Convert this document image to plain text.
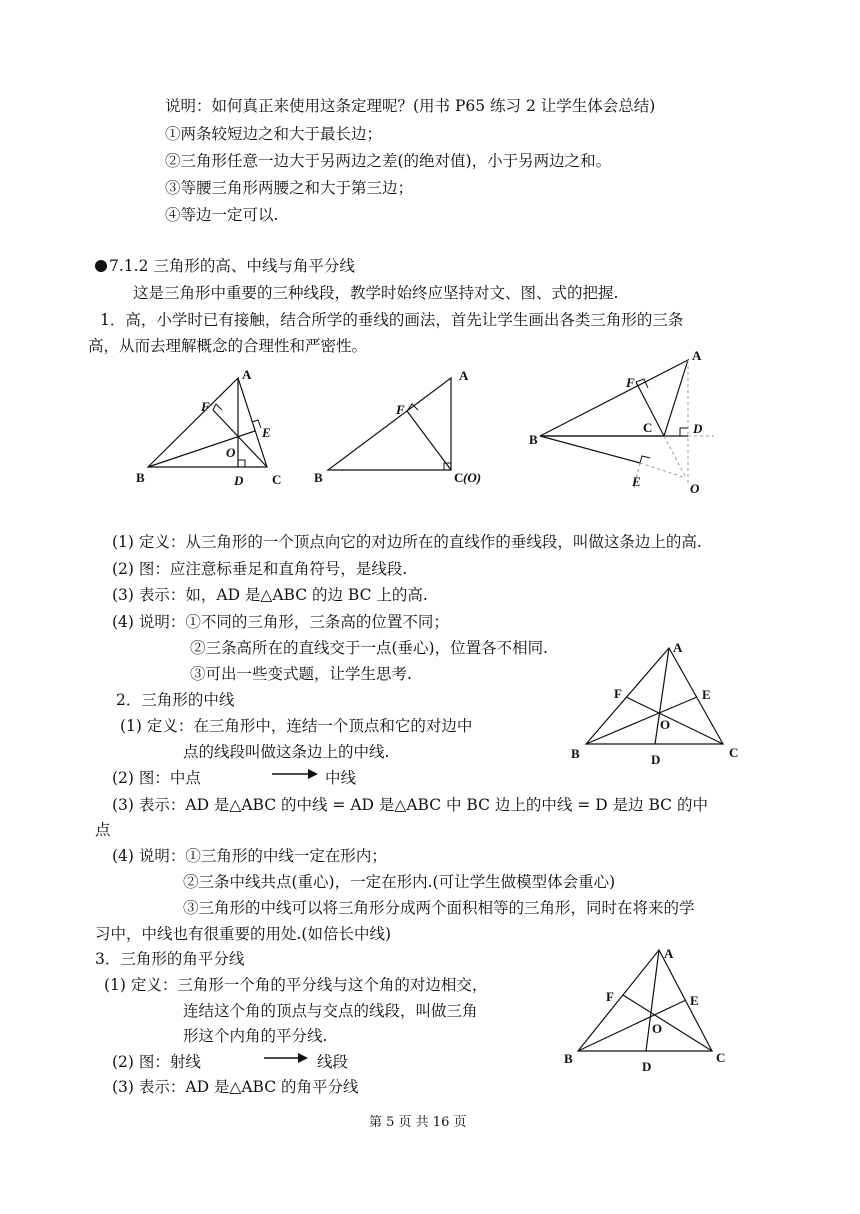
说明：如何真正来使用这条定理呢？(用书 P65 练习 2 让学生体会总结)
①两条较短边之和大于最长边；
②三角形任意一边大于另两边之差(的绝对值)，小于另两边之和。
③等腰三角形两腰之和大于第三边；
④等边一定可以.
7.1.2 三角形的高、中线与角平分线
这是三角形中重要的三种线段，教学时始终应坚持对文、图、式的把握.
1．高，小学时已有接触，结合所学的垂线的画法，首先让学生画出各类三角形的三条
高，从而去理解概念的合理性和严密性。
A
B	C
D
E
F
O
A
B	C (O)
F
A
B
C	D
E
F
O
(1) 定义：从三角形的一个顶点向它的对边所在的直线作的垂线段，叫做这条边上的高.
(2) 图：应注意标垂足和直角符号，是线段.
(3) 表示：如，AD 是△ABC 的边 BC 上的高.
(4) 说明：①不同的三角形，三条高的位置不同；
②三条高所在的直线交于一点(垂心)，位置各不相同.
③可出一些变式题，让学生思考.
2．三角形的中线
(1) 定义：在三角形中，连结一个顶点和它的对边中
点的线段叫做这条边上的中线.
(2) 图：中点	中线
(3) 表示：AD 是△ABC 的中线 = AD 是△ABC 中 BC 边上的中线 = D 是边 BC 的中
点
(4) 说明：①三角形的中线一定在形内；
②三条中线共点(重心)，一定在形内.(可让学生做模型体会重心)
③三角形的中线可以将三角形分成两个面积相等的三角形，同时在将来的学
习中，中线也有很重要的用处.(如倍长中线)
A
B	C
D
E
F
O
3．三角形的角平分线
(1) 定义：三角形一个角的平分线与这个角的对边相交，
连结这个角的顶点与交点的线段，叫做三角
形这个内角的平分线.
(2) 图：射线	线段
(3) 表示：AD 是△ABC 的角平分线
A
B	C
D
E
F
O
第 5 页 共 16 页
